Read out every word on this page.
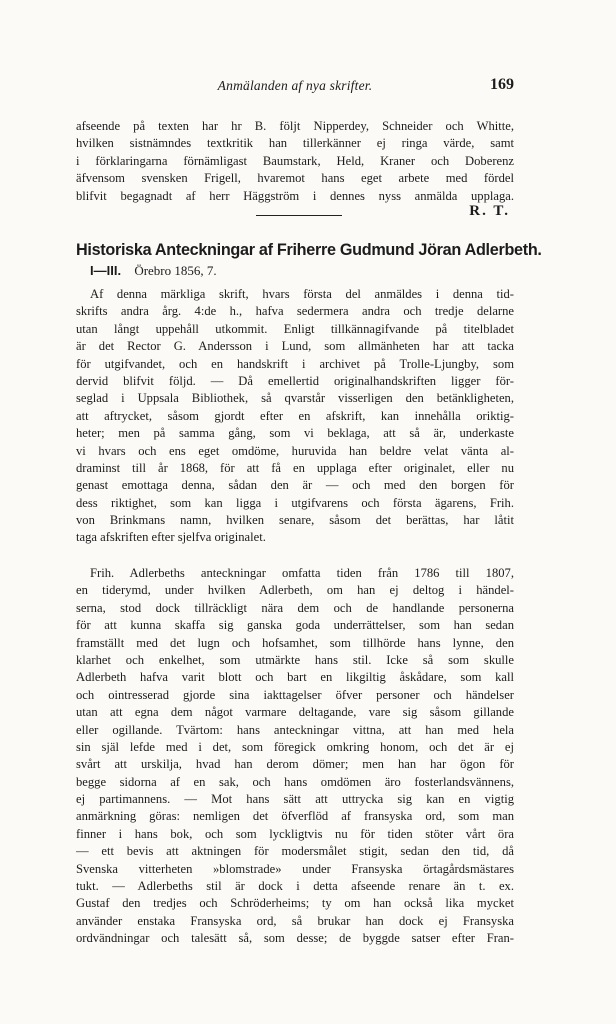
Anmälanden af nya skrifter.	169
afseende på texten har hr B. följt Nipperdey, Schneider och Whitte,
hvilken sistnämndes textkritik han tillerkänner ej ringa värde, samt
i förklaringarna förnämligast Baumstark, Held, Kraner och Doberenz
äfvensom svensken Frigell, hvaremot hans eget arbete med fördel
blifvit begagnadt af herr Häggström i dennes nyss anmälda upplaga.
R. T.
Historiska Anteckningar af Friherre Gudmund Jöran Adlerbeth.
I—III. Örebro 1856, 7.
Af denna märkliga skrift, hvars första del anmäldes i denna tid-
skrifts andra årg. 4:de h., hafva sedermera andra och tredje delarne
utan långt uppehåll utkommit. Enligt tillkännagifvande på titelbladet
är det Rector G. Andersson i Lund, som allmänheten har att tacka
för utgifvandet, och en handskrift i archivet på Trolle-Ljungby, som
dervid blifvit följd. — Då emellertid originalhandskriften ligger för-
seglad i Uppsala Bibliothek, så qvarstår visserligen den betänkligheten,
att aftrycket, såsom gjordt efter en afskrift, kan innehålla oriktig-
heter; men på samma gång, som vi beklaga, att så är, underkaste
vi hvars och ens eget omdöme, huruvida han beldre velat vänta al-
draminst till år 1868, för att få en upplaga efter originalet, eller nu
genast emottaga denna, sådan den är — och med den borgen för
dess riktighet, som kan ligga i utgifvarens och första ägarens, Frih.
von Brinkmans namn, hvilken senare, såsom det berättas, har låtit
taga afskriften efter sjelfva originalet.
Frih. Adlerbeths anteckningar omfatta tiden från 1786 till 1807,
en tiderymd, under hvilken Adlerbeth, om han ej deltog i händel-
serna, stod dock tillräckligt nära dem och de handlande personerna
för att kunna skaffa sig ganska goda underrättelser, som han sedan
framställt med det lugn och hofsamhet, som tillhörde hans lynne, den
klarhet och enkelhet, som utmärkte hans stil. Icke så som skulle
Adlerbeth hafva varit blott och bart en likgiltig åskådare, som kall
och ointresserad gjorde sina iakttagelser öfver personer och händelser
utan att egna dem något varmare deltagande, vare sig såsom gillande
eller ogillande. Tvärtom: hans anteckningar vittna, att han med hela
sin själ lefde med i det, som föregick omkring honom, och det är ej
svårt att urskilja, hvad han derom dömer; men han har ögon för
begge sidorna af en sak, och hans omdömen äro fosterlandsvännens,
ej partimannens. — Mot hans sätt att uttrycka sig kan en vigtig
anmärkning göras: nemligen det öfverflöd af fransyska ord, som man
finner i hans bok, och som lyckligtvis nu för tiden stöter vårt öra
— ett bevis att aktningen för modersmålet stigit, sedan den tid, då
Svenska vitterheten »blomstrade» under Fransyska örtagårdsmästares
tukt. — Adlerbeths stil är dock i detta afseende renare än t. ex.
Gustaf den tredjes och Schröderheims; ty om han också lika mycket
använder enstaka Fransyska ord, så brukar han dock ej Fransyska
ordvändningar och talesätt så, som desse; de byggde satser efter Fran-
